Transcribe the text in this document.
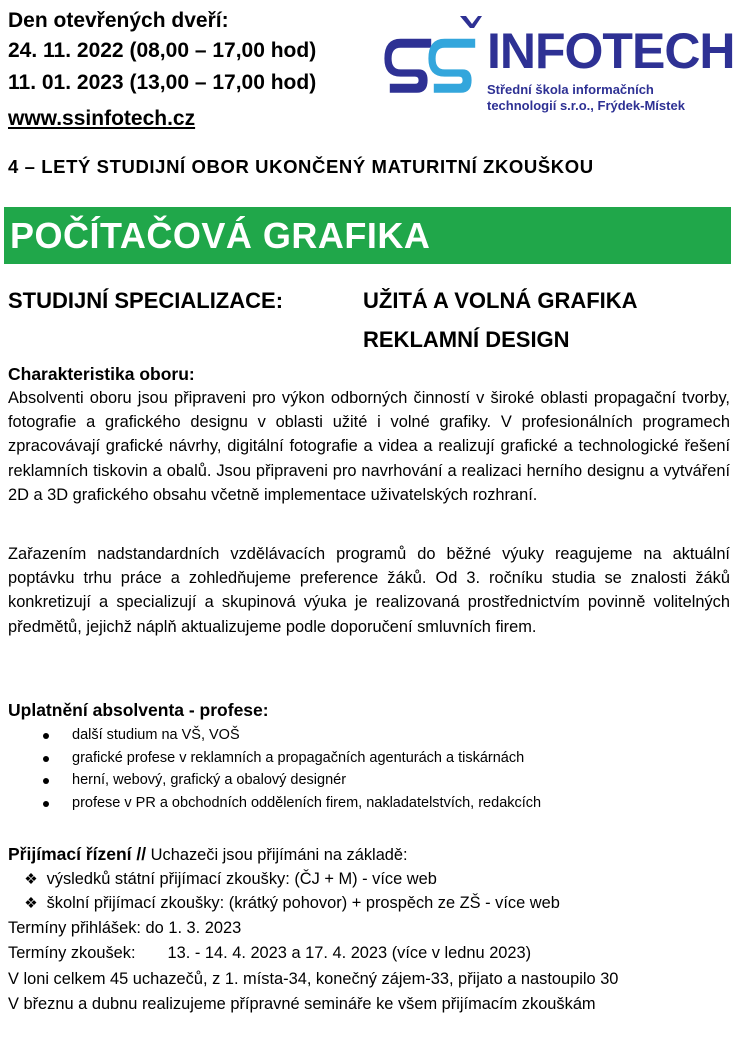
Den otevřených dveří:
24. 11. 2022 (08,00 – 17,00 hod)
11. 01. 2023 (13,00 – 17,00 hod)
www.ssinfotech.cz
INFOTECH
Střední škola informačních
technologií s.r.o., Frýdek-Místek
4 – LETÝ STUDIJNÍ OBOR UKONČENÝ MATURITNÍ ZKOUŠKOU
POČÍTAČOVÁ GRAFIKA
STUDIJNÍ SPECIALIZACE:	UŽITÁ A VOLNÁ GRAFIKA
REKLAMNÍ DESIGN
Charakteristika oboru:
Absolventi oboru jsou připraveni pro výkon odborných činností v široké oblasti propagační tvorby, fotografie a grafického designu v oblasti užité i volné grafiky. V profesionálních programech zpracovávají grafické návrhy, digitální fotografie a videa a realizují grafické a technologické řešení reklamních tiskovin a obalů. Jsou připraveni pro navrhování a realizaci herního designu a vytváření 2D a 3D grafického obsahu včetně implementace uživatelských rozhraní.
Zařazením nadstandardních vzdělávacích programů do běžné výuky reagujeme na aktuální poptávku trhu práce a zohledňujeme preference žáků. Od 3. ročníku studia se znalosti žáků konkretizují a specializují a skupinová výuka je realizovaná prostřednictvím povinně volitelných předmětů, jejichž náplň aktualizujeme podle doporučení smluvních firem.
Uplatnění absolventa - profese:
další studium na VŠ, VOŠ
grafické profese v reklamních a propagačních agenturách a tiskárnách
herní, webový, grafický a obalový designér
profese v PR a obchodních odděleních firem, nakladatelstvích, redakcích
Přijímací řízení // Uchazeči jsou přijímáni na základě:
❖ výsledků státní přijímací zkoušky: (ČJ + M) - více web
❖ školní přijímací zkoušky: (krátký pohovor) + prospěch ze ZŠ - více web
Termíny přihlášek: do 1. 3. 2023
Termíny zkoušek: 13. - 14. 4. 2023 a 17. 4. 2023 (více v lednu 2023)
V loni celkem 45 uchazečů, z 1. místa-34, konečný zájem-33, přijato a nastoupilo 30
V březnu a dubnu realizujeme přípravné semináře ke všem přijímacím zkouškám
